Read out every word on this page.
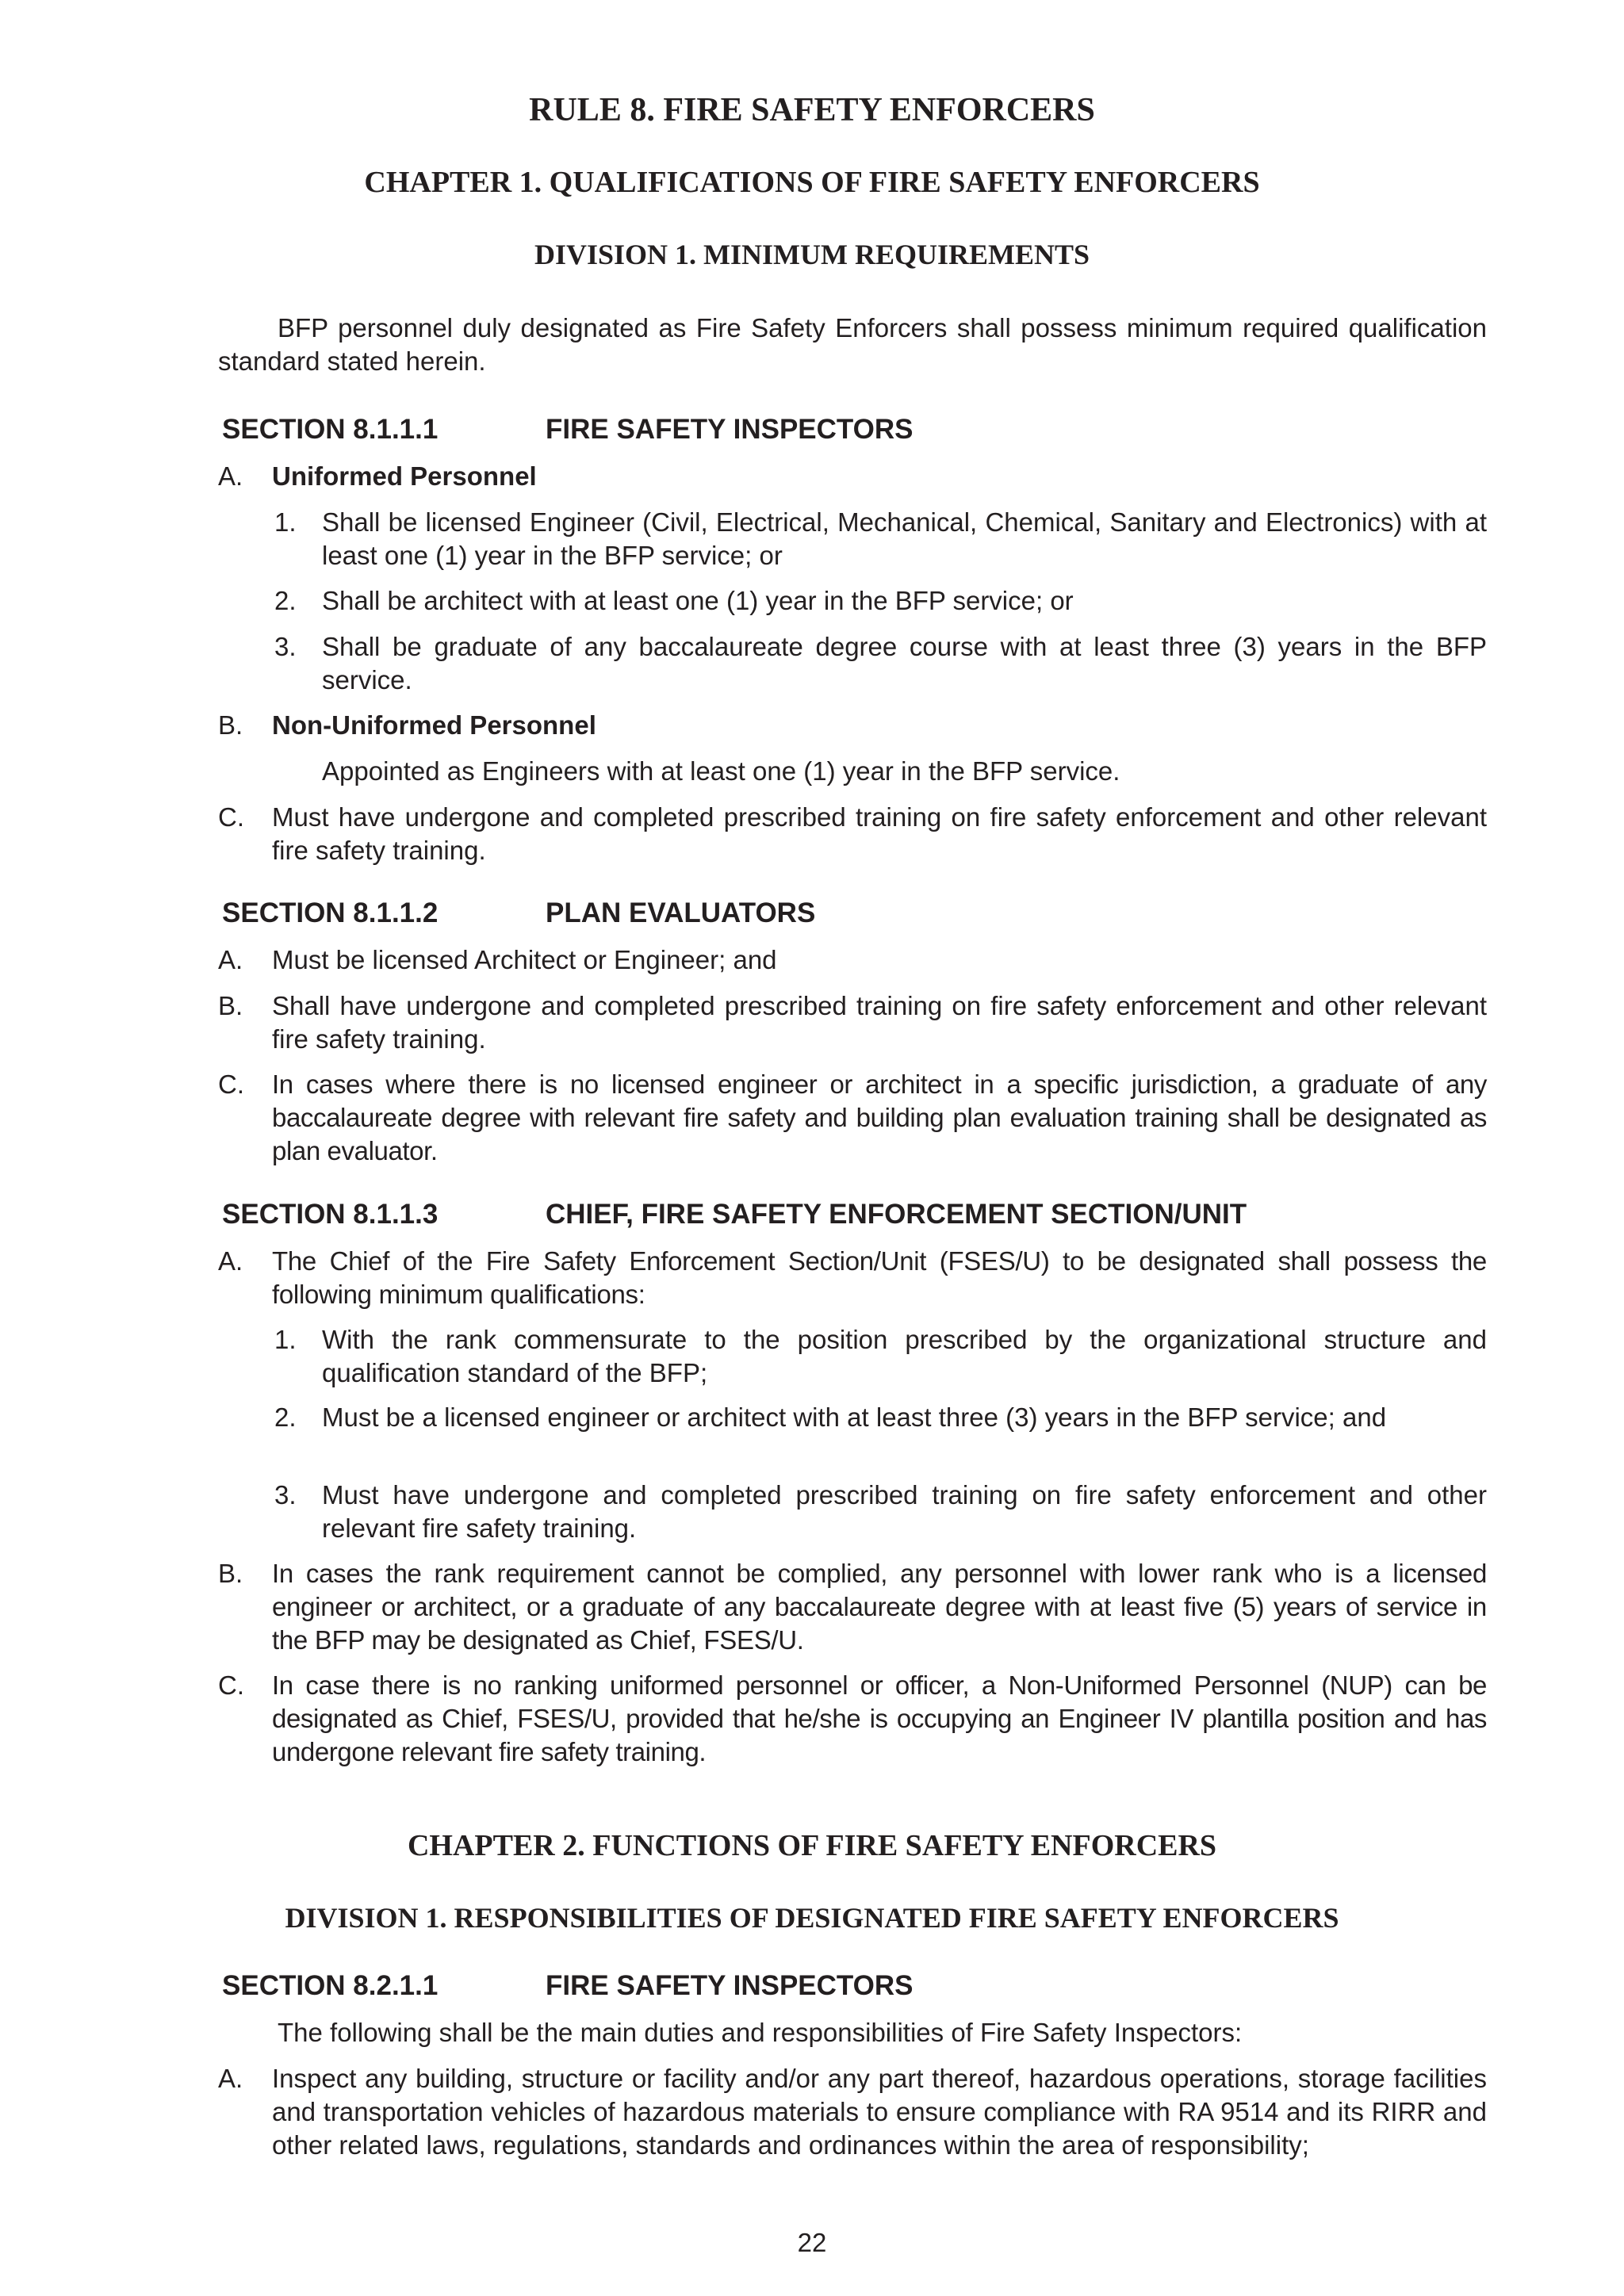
RULE 8. FIRE SAFETY ENFORCERS
CHAPTER 1. QUALIFICATIONS OF FIRE SAFETY ENFORCERS
DIVISION 1. MINIMUM REQUIREMENTS
BFP personnel duly designated as Fire Safety Enforcers shall possess minimum required qualification standard stated herein.
SECTION 8.1.1.1	FIRE SAFETY INSPECTORS
A. Uniformed Personnel
1. Shall be licensed Engineer (Civil, Electrical, Mechanical, Chemical, Sanitary and Electronics) with at least one (1) year in the BFP service; or
2. Shall be architect with at least one (1) year in the BFP service; or
3. Shall be graduate of any baccalaureate degree course with at least three (3) years in the BFP service.
B. Non-Uniformed Personnel
Appointed as Engineers with at least one (1) year in the BFP service.
C. Must have undergone and completed prescribed training on fire safety enforcement and other relevant fire safety training.
SECTION 8.1.1.2	PLAN EVALUATORS
A. Must be licensed Architect or Engineer; and
B. Shall have undergone and completed prescribed training on fire safety enforcement and other relevant fire safety training.
C. In cases where there is no licensed engineer or architect in a specific jurisdiction, a graduate of any baccalaureate degree with relevant fire safety and building plan evaluation training shall be designated as plan evaluator.
SECTION 8.1.1.3	CHIEF, FIRE SAFETY ENFORCEMENT SECTION/UNIT
A. The Chief of the Fire Safety Enforcement Section/Unit (FSES/U) to be designated shall possess the following minimum qualifications:
1. With the rank commensurate to the position prescribed by the organizational structure and qualification standard of the BFP;
2. Must be a licensed engineer or architect with at least three (3) years in the BFP service; and
3. Must have undergone and completed prescribed training on fire safety enforcement and other relevant fire safety training.
B. In cases the rank requirement cannot be complied, any personnel with lower rank who is a licensed engineer or architect, or a graduate of any baccalaureate degree with at least five (5) years of service in the BFP may be designated as Chief, FSES/U.
C. In case there is no ranking uniformed personnel or officer, a Non-Uniformed Personnel (NUP) can be designated as Chief, FSES/U, provided that he/she is occupying an Engineer IV plantilla position and has undergone relevant fire safety training.
CHAPTER 2. FUNCTIONS OF FIRE SAFETY ENFORCERS
DIVISION 1. RESPONSIBILITIES OF DESIGNATED FIRE SAFETY ENFORCERS
SECTION 8.2.1.1	FIRE SAFETY INSPECTORS
The following shall be the main duties and responsibilities of Fire Safety Inspectors:
A. Inspect any building, structure or facility and/or any part thereof, hazardous operations, storage facilities and transportation vehicles of hazardous materials to ensure compliance with RA 9514 and its RIRR and other related laws, regulations, standards and ordinances within the area of responsibility;
22
